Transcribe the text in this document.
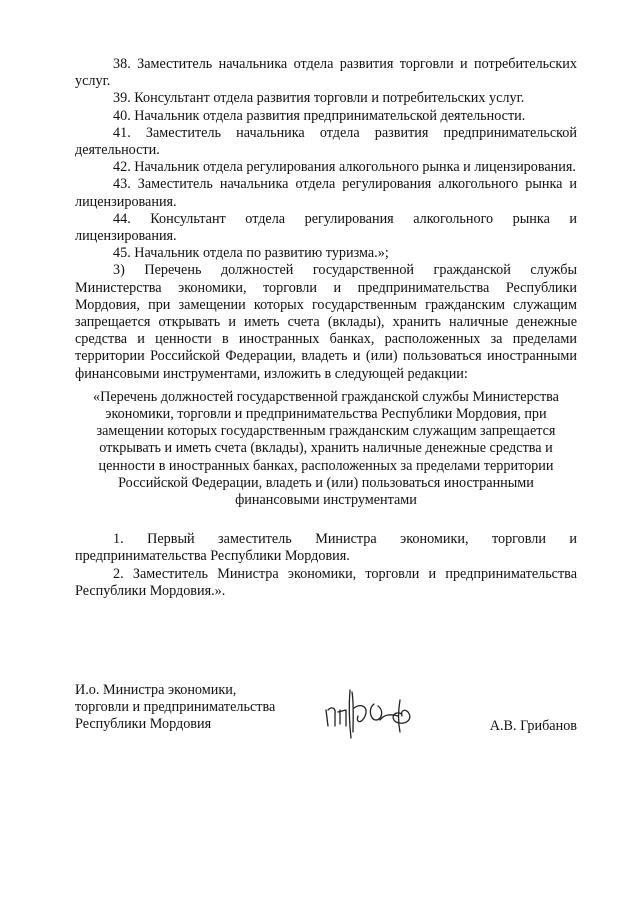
38. Заместитель начальника отдела развития торговли и потребительских услуг.

39. Консультант отдела развития торговли и потребительских услуг.

40. Начальник отдела развития предпринимательской деятельности.

41. Заместитель начальника отдела развития предпринимательской деятельности.

42. Начальник отдела регулирования алкогольного рынка и лицензирования.

43. Заместитель начальника отдела регулирования алкогольного рынка и лицензирования.

44. Консультант отдела регулирования алкогольного рынка и лицензирования.

45. Начальник отдела по развитию туризма.»;

3) Перечень должностей государственной гражданской службы Министерства экономики, торговли и предпринимательства Республики Мордовия, при замещении которых государственным гражданским служащим запрещается открывать и иметь счета (вклады), хранить наличные денежные средства и ценности в иностранных банках, расположенных за пределами территории Российской Федерации, владеть и (или) пользоваться иностранными финансовыми инструментами, изложить в следующей редакции:

«Перечень должностей государственной гражданской службы Министерства экономики, торговли и предпринимательства Республики Мордовия, при замещении которых государственным гражданским служащим запрещается открывать и иметь счета (вклады), хранить наличные денежные средства и ценности в иностранных банках, расположенных за пределами территории Российской Федерации, владеть и (или) пользоваться иностранными финансовыми инструментами

1. Первый заместитель Министра экономики, торговли и предпринимательства Республики Мордовия.

2. Заместитель Министра экономики, торговли и предпринимательства Республики Мордовия.».

И.о. Министра экономики,
торговли и предпринимательства
Республики Мордовия	А.В. Грибанов
